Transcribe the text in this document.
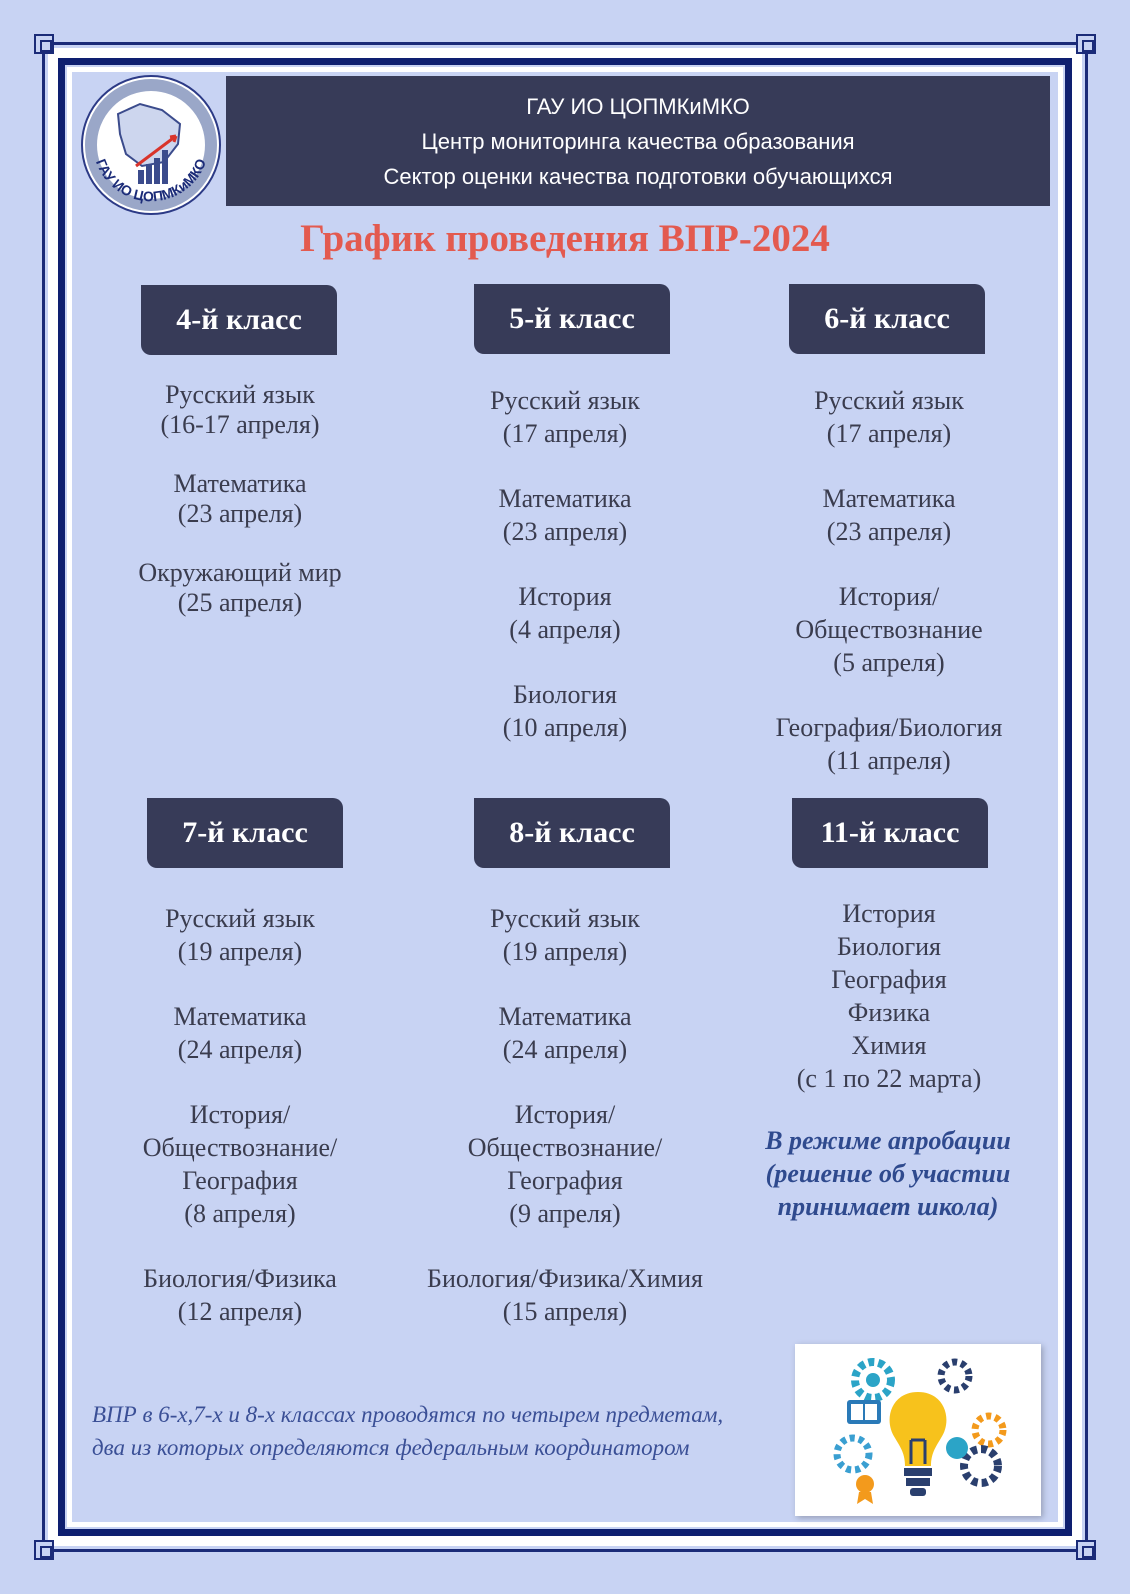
ГАУ ИО ЦОПМКиМКО
ГАУ ИО ЦОПМКиМКО
Центр мониторинга качества образования
Сектор оценки качества подготовки обучающихся
График проведения ВПР-2024
4-й класс	5-й класс	6-й класс
7-й класс	8-й класс	11-й класс
Русский язык
(16-17 апреля)
Математика
(23 апреля)
Окружающий мир
(25 апреля)
Русский язык
(17 апреля)
Математика
(23 апреля)
История
(4 апреля)
Биология
(10 апреля)
Русский язык
(17 апреля)
Математика
(23 апреля)
История/
Обществознание
(5 апреля)
География/Биология
(11 апреля)
Русский язык
(19 апреля)
Математика
(24 апреля)
История/
Обществознание/
География
(8 апреля)
Биология/Физика
(12 апреля)
Русский язык
(19 апреля)
Математика
(24 апреля)
История/
Обществознание/
География
(9 апреля)
Биология/Физика/Химия
(15 апреля)
История
Биология
География
Физика
Химия
(с 1 по 22 марта)
В режиме апробации
(решение об участии
принимает школа)
ВПР в 6-х,7-х и 8-х классах проводятся по четырем предметам,
два из которых определяются федеральным координатором
